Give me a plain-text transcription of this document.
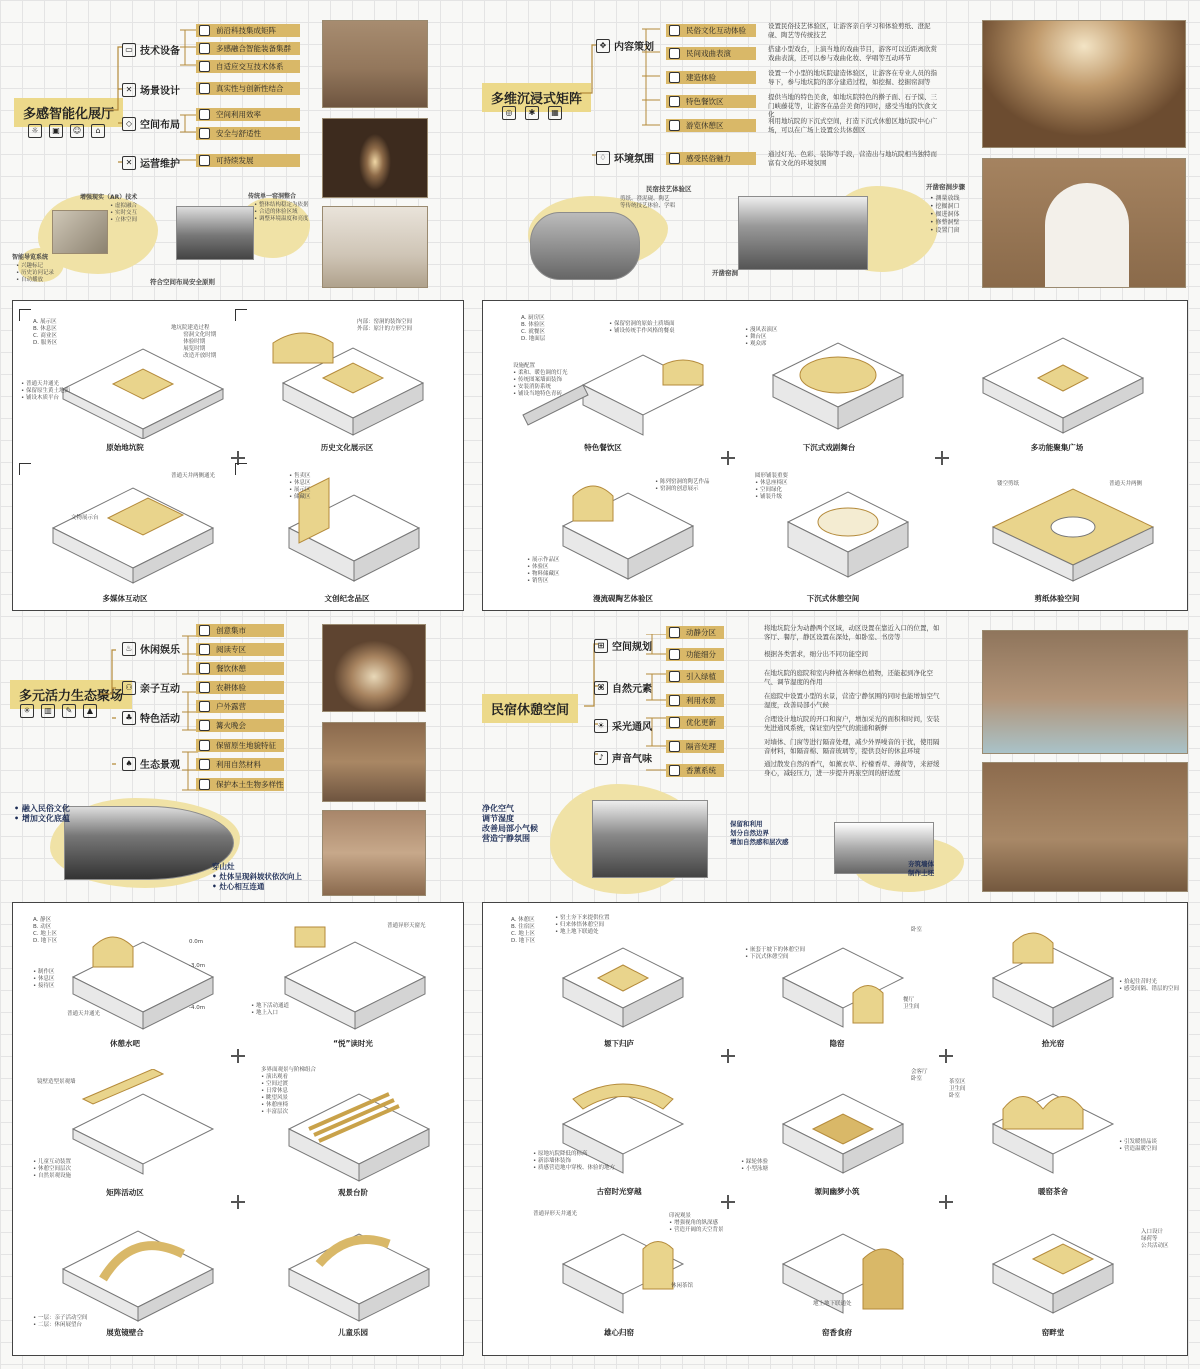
多感智能化展厅
☼	▣	☺	⌂
▭ 技术设备
✕ 场景设计
◇ 空间布局
✕ 运营维护
前沿科技集成矩阵
多感融合智能装备集群
自适应交互技术体系
真实性与创新性结合
空间利用效率
安全与舒适性
可持续发展
增强现实（AR）技术
• 虚拟融合
• 实时交互
• 立体空间
传统单一窑洞整合
• 整体结构稳定为依据
• 合适的体验区域
• 调整环境温度和亮度
智能导览系统
• 兴趣标记
• 历史访问记录
• 自动播放	符合空间布局安全原则
多维沉浸式矩阵
◎	✱	▦
✥ 内容策划
♢ 环境氛围
民俗文化互动体验
民间戏曲表演
建造体验
特色餐饮区
游览休憩区
感受民俗魅力
设置民俗技艺体验区，让游客亲自学习和体验剪纸、澄泥砚、陶艺等传统技艺
搭建小型戏台，上演当地的戏曲节目，游客可以近距离欣赏戏曲表演，还可以参与戏曲化妆、学唱等互动环节
设置一个小型的地坑院建造体验区，让游客在专业人员的指导下，参与地坑院的部分建造过程，如挖掘、挖掘窑洞等
提供当地的特色美食，如地坑院特色的擀子面、石子馍、三门峡藤花等，让游客在品尝美食的同时，感受当地的饮食文化
利用地坑院的下沉式空间，打造下沉式休憩区地坑院中心广场，可以在广场上设置公共休憩区
通过灯光、色彩、装饰等手段，营造出与地坑院相当独特而富有文化的环境氛围
民宿技艺体验区
剪纸、澄泥砚、陶艺
等传统技艺体验、学唱
开凿窑洞
开凿窑洞步骤
• 测量放线
• 挖掘洞口
• 掘进洞体
• 修整洞壁
• 设置门窗
A. 展示区
B. 休息区
C. 商业区
D. 服务区
地坑院建造过程
窑洞文化时期
体验时期
展览时期
改造开放时期
内部：窑洞的装饰空间
外部：原汁的方形空间
• 普通天井通光
• 保留原生黄土地面
• 铺设木质平台
普通天井两侧通光
文物展示台
• 售卖区
• 休息区
• 展示区
• 储藏区
原始地坑院	历史文化展示区
多媒体互动区	文创纪念品区
A. 厨房区
B. 体验区
C. 就餐区
D. 地面层
• 保留窑洞的原始土质墙面
• 铺设传统手作风格的餐桌
设施配置
• 柔和、暖色调的灯光
• 传统图案墙面装饰
• 安装消防系统
• 铺设当地特色青砖
• 漫风表演区
• 舞台区
• 观众席
• 陈列窑洞的陶艺作品
• 窑洞的创意展示
圆形铺装重要
• 休息座椅区
• 空间绿化
• 铺装升级
• 展示作品区
• 体验区
• 物料储藏区
• 销售区
镂空剪纸	普通天井两侧
特色餐饮区	下沉式戏剧舞台	多功能聚集广场
漫流砚陶艺体验区	下沉式休憩空间	剪纸体验空间
多元活力生态聚场
✳	▥	✎	▲
♨ 休闲娱乐
⚇ 亲子互动
♣ 特色活动
♠ 生态景观
创意集市
阅读专区
餐饮休憩
农耕体验
户外露营
篝火晚会
保留原生地貌特征
利用自然材料
保护本土生物多样性
• 融入民俗文化
• 增加文化底蕴
穿山灶
• 灶体呈现斜坡状依次向上
• 灶心相互连通
民宿休憩空间
⊞ 空间规划
⌘ 自然元素
☀ 采光通风
♪ 声音气味
动静分区
功能细分
引入绿植
利用水景
优化更新
隔音处理
香薰系统
将地坑院分为动静两个区域，动区设置在靠近入口的位置，如客厅、餐厅，静区设置在深处，如卧室、书房等
根据各类需求，细分出不同功能空间
在地坑院的庭院和室内种植各种绿色植物，还能起到净化空气、调节湿度的作用
在庭院中设置小型的水景，营造宁静氛围的同时也能增加空气湿度，改善局部小气候
合理设计地坑院的开口和窗户，增加采光的面积和时间，安装先进通风系统，保证室内空气的流通和新鲜
对墙体、门窗等进行隔音处理，减少外界噪音的干扰，使用隔音材料，如隔音棉、隔音玻璃等，提供良好的休息环境
通过散发自然的香气，如薰衣草、柠檬香草、薄荷等，来舒缓身心，减轻压力，进一步提升再旅空间的舒适度
净化空气
调节湿度
改善局部小气候
营造宁静氛围
保留和利用
划分自然边界
增加自然感和层次感
夯筑墙体
制作土坯
A. 静区
B. 动区
C. 地上区
D. 地下区	0.0m
-3.0m
-4.0m
• 制作区
• 休息区
• 接待区
普通天井通光
普通异形天窗光
• 地下活动通道
• 地上入口
镜壁造型景观墙
• 儿童互动装置
• 休憩空间层次
• 自然景观设施
多界面观景与阶梯组合
• 演出观看
• 空间过渡
• 日常休息
• 眺望风景
• 休憩座椅
• 丰富层次
• 一层：亲子活动空间
• 二层：休闲展望台
休憩水吧	“悦”读时光
矩阵活动区	观景台阶
展览镜壁合	儿童乐园
A. 休憩区
B. 住宿区
C. 地上区
D. 地下区
• 窑土夯下来提供位置
• 归来体悟休憩空间
• 地上地下联通处
• 嵌套于坡下的休憩空间
• 下沉式休憩空间
餐厅
卫生间
卧室
• 拾起往昔时光
• 感受间隔、错层的空间
• 原地坑院降低的标高
• 新添墙体装饰
• 质感营造地中穿梭、体验的地方
• 踩轮体验
• 小型泳塘
会客厅
卧室	茶室区
卫生间
卧室
• 引发暖情品谈
• 营造温暖空间
普通异形天井通光	印祝观景
• 增强视角的纵深感
• 营造开阔的天空背景
休闲茶馆
地上地下联通处
入口设计
绿荷等
公共活动区
塬下归庐	隐窑	拾光窑
古窑时光穿越	塬间幽梦小筑	暖窑茶舍
雄心归窑	窑香食府	窑畔堂
